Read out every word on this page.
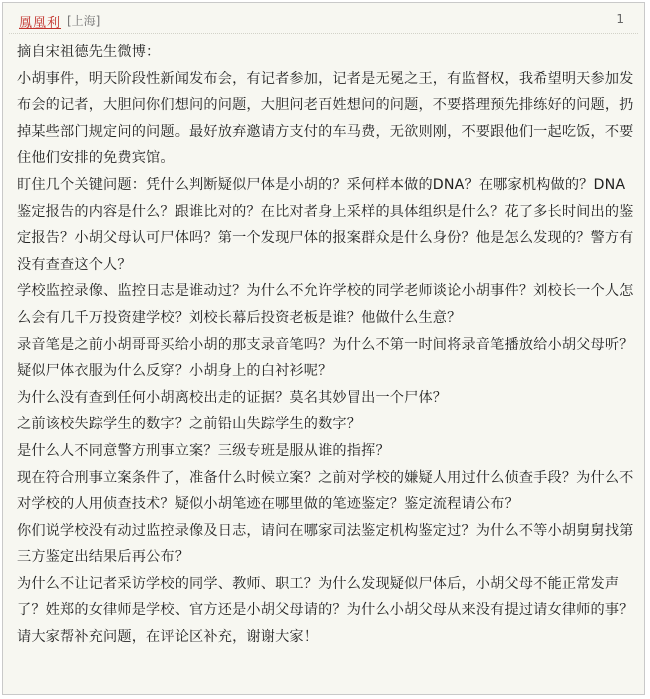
鳳凰利 [上海]	1

摘自宋祖德先生微博：

小胡事件，明天阶段性新闻发布会，有记者参加，记者是无冕之王，有监督权，我希望明天参加发布会的记者，大胆问你们想问的问题，大胆问老百姓想问的问题，不要搭理预先排练好的问题，扔掉某些部门规定问的问题。最好放弃邀请方支付的车马费，无欲则刚，不要跟他们一起吃饭，不要住他们安排的免费宾馆。

盯住几个关键问题：凭什么判断疑似尸体是小胡的？采何样本做的DNA？在哪家机构做的？DNA鉴定报告的内容是什么？跟谁比对的？在比对者身上采样的具体组织是什么？花了多长时间出的鉴定报告？小胡父母认可尸体吗？第一个发现尸体的报案群众是什么身份？他是怎么发现的？警方有没有查查这个人？

学校监控录像、监控日志是谁动过？为什么不允许学校的同学老师谈论小胡事件？刘校长一个人怎么会有几千万投资建学校？刘校长幕后投资老板是谁？他做什么生意？

录音笔是之前小胡哥哥买给小胡的那支录音笔吗？为什么不第一时间将录音笔播放给小胡父母听？

疑似尸体衣服为什么反穿？小胡身上的白衬衫呢？

为什么没有查到任何小胡离校出走的证据？莫名其妙冒出一个尸体？

之前该校失踪学生的数字？之前铅山失踪学生的数字？

是什么人不同意警方刑事立案？三级专班是服从谁的指挥？

现在符合刑事立案条件了，准备什么时候立案？之前对学校的嫌疑人用过什么侦查手段？为什么不对学校的人用侦查技术？疑似小胡笔迹在哪里做的笔迹鉴定？鉴定流程请公布？

你们说学校没有动过监控录像及日志，请问在哪家司法鉴定机构鉴定过？为什么不等小胡舅舅找第三方鉴定出结果后再公布？

为什么不让记者采访学校的同学、教师、职工？为什么发现疑似尸体后，小胡父母不能正常发声了？姓郑的女律师是学校、官方还是小胡父母请的？为什么小胡父母从来没有提过请女律师的事？

请大家帮补充问题，在评论区补充，谢谢大家！
